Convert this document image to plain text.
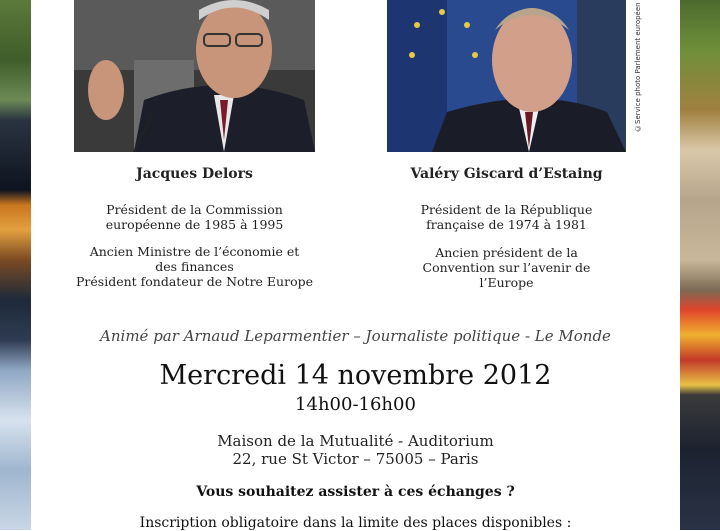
©Service photo Parlement européen

Jacques Delors

Président de la Commission

européenne de 1985 à 1995

Ancien Ministre de l’économie et

des finances

Président fondateur de Notre Europe

Valéry Giscard d’Estaing

Président de la République

française de 1974 à 1981

Ancien président de la

Convention sur l’avenir de

l’Europe

Animé par Arnaud Leparmentier – Journaliste politique - Le Monde
Mercredi 14 novembre 2012
14h00-16h00
Maison de la Mutualité - Auditorium
22, rue St Victor – 75005 – Paris
Vous souhaitez assister à ces échanges ?
Inscription obligatoire dans la limite des places disponibles :
